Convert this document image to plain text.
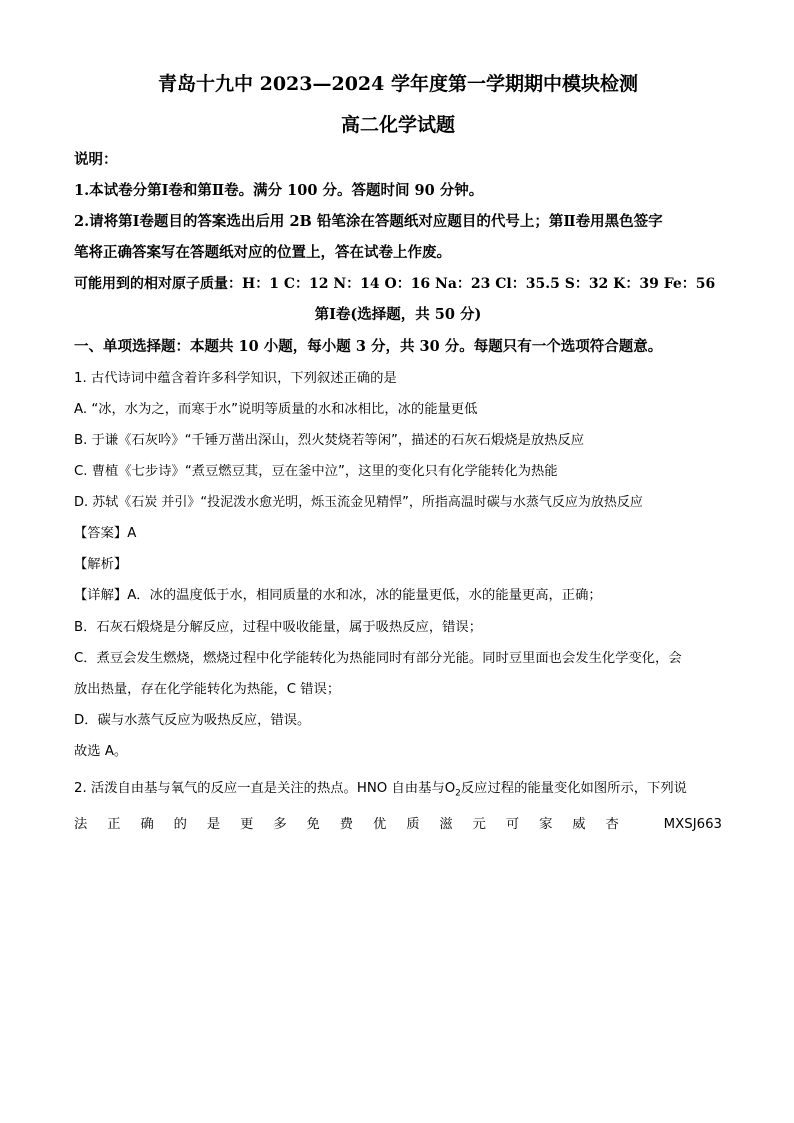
青岛十九中 2023—2024 学年度第一学期期中模块检测
高二化学试题
说明：
1.本试卷分第Ⅰ卷和第Ⅱ卷。满分 100 分。答题时间 90 分钟。
2.请将第Ⅰ卷题目的答案选出后用 2B 铅笔涂在答题纸对应题目的代号上；第Ⅱ卷用黑色签字
笔将正确答案写在答题纸对应的位置上，答在试卷上作废。
可能用到的相对原子质量：H：1 C：12 N：14 O：16 Na：23 Cl：35.5 S：32 K：39 Fe：56
第Ⅰ卷(选择题，共 50 分)
一、单项选择题：本题共 10 小题，每小题 3 分，共 30 分。每题只有一个选项符合题意。
1. 古代诗词中蕴含着许多科学知识，下列叙述正确的是
A. “冰，水为之，而寒于水”说明等质量的水和冰相比，冰的能量更低
B. 于谦《石灰吟》“千锤万凿出深山，烈火焚烧若等闲”，描述的石灰石煅烧是放热反应
C. 曹植《七步诗》“煮豆燃豆萁，豆在釜中泣”，这里的变化只有化学能转化为热能
D. 苏轼《石炭 并引》“投泥泼水愈光明，烁玉流金见精悍”，所指高温时碳与水蒸气反应为放热反应
【答案】A
【解析】
【详解】A．冰的温度低于水，相同质量的水和冰，冰的能量更低，水的能量更高，正确；
B．石灰石煅烧是分解反应，过程中吸收能量，属于吸热反应，错误；
C．煮豆会发生燃烧，燃烧过程中化学能转化为热能同时有部分光能。同时豆里面也会发生化学变化，会
放出热量，存在化学能转化为热能，C 错误；
D．碳与水蒸气反应为吸热反应，错误。
故选 A。
2. 活泼自由基与氧气的反应一直是关注的热点。HNO 自由基与$O_2$反应过程的能量变化如图所示，下列说
法 正 确 的 是 更 多 免 费 优 质 滋 元 可 家 威 杏	MXSJ663
